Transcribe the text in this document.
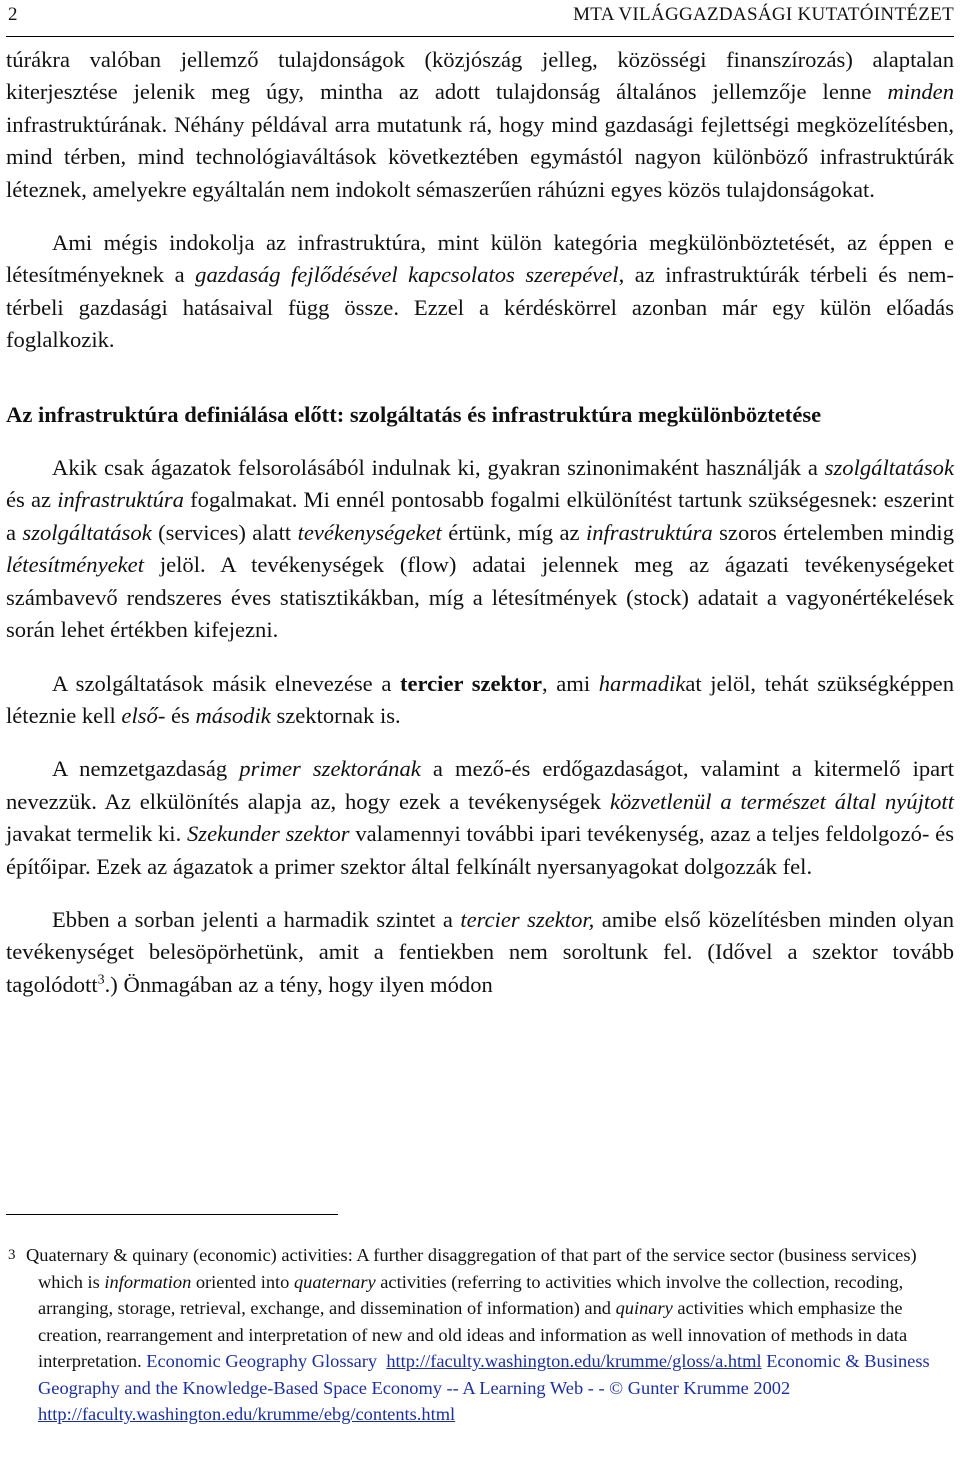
2	MTA VILÁGGAZDASÁGI KUTATÓINTÉZET

túrákra valóban jellemző tulajdonságok (közjószág jelleg, közösségi finanszírozás) alaptalan kiterjesztése jelenik meg úgy, mintha az adott tulajdonság általános jellemzője lenne minden infrastruktúrának. Néhány példával arra mutatunk rá, hogy mind gazdasági fejlettségi megközelítésben, mind térben, mind technológiaváltások következtében egymástól nagyon különböző infrastruktúrák léteznek, amelyekre egyáltalán nem indokolt sémaszerűen ráhúzni egyes közös tulajdonságokat.

Ami mégis indokolja az infrastruktúra, mint külön kategória megkülönböztetését, az éppen e létesítményeknek a gazdaság fejlődésével kapcsolatos szerepével, az infrastruktúrák térbeli és nem-térbeli gazdasági hatásaival függ össze. Ezzel a kérdéskörrel azonban már egy külön előadás foglalkozik.

Az infrastruktúra definiálása előtt: szolgáltatás és infrastruktúra megkülönböztetése

Akik csak ágazatok felsorolásából indulnak ki, gyakran szinonimaként használják a szolgáltatások és az infrastruktúra fogalmakat. Mi ennél pontosabb fogalmi elkülönítést tartunk szükségesnek: eszerint a szolgáltatások (services) alatt tevékenységeket értünk, míg az infrastruktúra szoros értelemben mindig létesítményeket jelöl. A tevékenységek (flow) adatai jelennek meg az ágazati tevékenységeket számbavevő rendszeres éves statisztikákban, míg a létesítmények (stock) adatait a vagyonértékelések során lehet értékben kifejezni.

A szolgáltatások másik elnevezése a tercier szektor, ami harmadikat jelöl, tehát szükségképpen léteznie kell első- és második szektornak is.

A nemzetgazdaság primer szektorának a mező-és erdőgazdaságot, valamint a kitermelő ipart nevezzük. Az elkülönítés alapja az, hogy ezek a tevékenységek közvetlenül a természet által nyújtott javakat termelik ki. Szekunder szektor valamennyi további ipari tevékenység, azaz a teljes feldolgozó- és építőipar. Ezek az ágazatok a primer szektor által felkínált nyersanyagokat dolgozzák fel.

Ebben a sorban jelenti a harmadik szintet a tercier szektor, amibe első közelítésben minden olyan tevékenységet belesöpörhetünk, amit a fentiekben nem soroltunk fel. (Idővel a szektor tovább tagolódott$^3$.) Önmagában az a tény, hogy ilyen módon

3 Quaternary & quinary (economic) activities: A further disaggregation of that part of the service sector (business services) which is information oriented into quaternary activities (referring to activities which involve the collection, recoding, arranging, storage, retrieval, exchange, and dissemination of information) and quinary activities which emphasize the creation, rearrangement and interpretation of new and old ideas and information as well innovation of methods in data interpretation. Economic Geography Glossary http://faculty.washington.edu/krumme/gloss/a.html Economic & Business Geography and the Knowledge-Based Space Economy -- A Learning Web - - © Gunter Krumme 2002 http://faculty.washington.edu/krumme/ebg/contents.html
